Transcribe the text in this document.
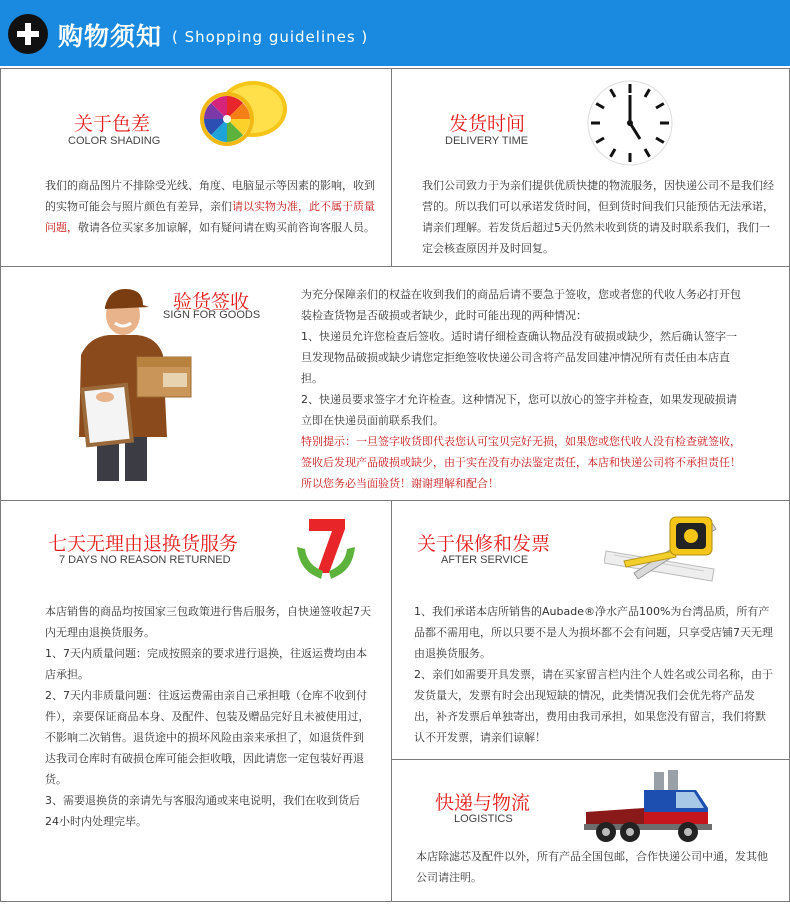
购物须知 ( Shopping guidelines )
关于色差
COLOR SHADING
我们的商品图片不排除受光线、角度、电脑显示等因素的影响，收到的实物可能会与照片颜色有差异，亲们请以实物为准，此不属于质量问题，敬请各位买家多加谅解，如有疑问请在购买前咨询客服人员。
发货时间
DELIVERY TIME
我们公司致力于为亲们提供优质快捷的物流服务，因快递公司不是我们经营的。所以我们可以承诺发货时间，但到货时间我们只能预估无法承诺，请亲们理解。若发货后超过5天仍然未收到货的请及时联系我们，我们一定会核查原因并及时回复。
验货签收
SIGN FOR GOODS

为充分保障亲们的权益在收到我们的商品后请不要急于签收，您或者您的代收人务必打开包装检查货物是否破损或者缺少，此时可能出现的两种情况：

1、快递员允许您检查后签收。适时请仔细检查确认物品没有破损或缺少，然后确认签字一旦发现物品破损或缺少请您定拒绝签收快递公司含将产品发回建冲情况所有责任由本店直担。

2、快递员要求签字才允许检查。这种情况下，您可以放心的签字并检查，如果发现破损请立即在快递员面前联系我们。

特别提示：一旦签字收货即代表您认可宝贝完好无损，如果您或您代收人没有检查就签收，签收后发现产品破损或缺少，由于实在没有办法鉴定责任，本店和快递公司将不承担责任！所以您务必当面验货！谢谢理解和配合！

七天无理由退换货服务
7 DAYS NO REASON RETURNED

本店销售的商品均按国家三包政策进行售后服务，自快递签收起7天内无理由退换货服务。

1、7天内质量问题：完成按照亲的要求进行退换，往返运费均由本店承担。

2、7天内非质量问题：往返运费需由亲自己承担哦（仓库不收到付件），亲要保证商品本身、及配件、包装及赠品完好且未被使用过，不影响二次销售。退货途中的损坏风险由亲来承担了，如退货件到达我司仓库时有破损仓库可能会拒收哦，因此请您一定包装好再退货。

3、需要退换货的亲请先与客服沟通或来电说明，我们在收到货后24小时内处理完毕。

关于保修和发票
AFTER SERVICE

1、我们承诺本店所销售的Aubade®净水产品100%为台湾品质，所有产品都不需用电，所以只要不是人为损坏都不会有问题，只享受店铺7天无理由退换货服务。

2、亲们如需要开具发票，请在买家留言栏内注个人姓名或公司名称，由于发货量大，发票有时会出现短缺的情况，此类情况我们会优先将产品发出，补齐发票后单独寄出，费用由我司承担，如果您没有留言，我们将默认不开发票，请亲们谅解！

快递与物流
LOGISTICS
本店除滤芯及配件以外，所有产品全国包邮，合作快递公司中通，发其他公司请注明。
